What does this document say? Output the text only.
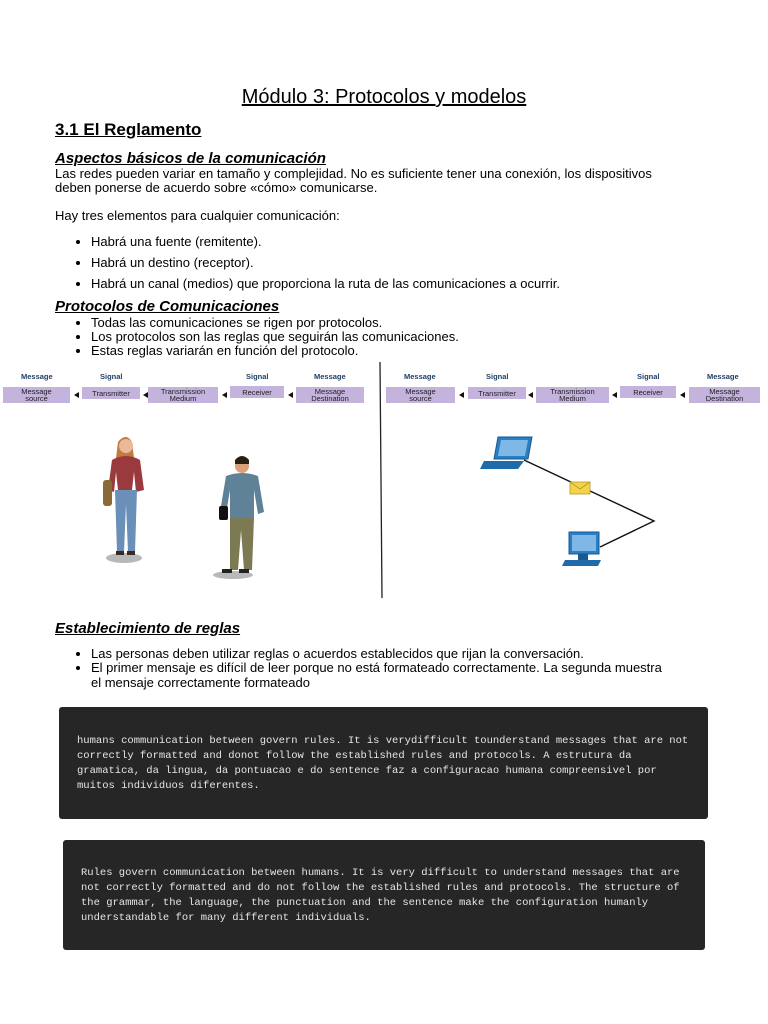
Módulo 3: Protocolos y modelos
3.1 El Reglamento
Aspectos básicos de la comunicación
Las redes pueden variar en tamaño y complejidad. No es suficiente tener una conexión, los dispositivos
deben ponerse de acuerdo sobre «cómo» comunicarse.
Hay tres elementos para cualquier comunicación:
• Habrá una fuente (remitente).
• Habrá un destino (receptor).
• Habrá un canal (medios) que proporciona la ruta de las comunicaciones a ocurrir.
Protocolos de Comunicaciones
• Todas las comunicaciones se rigen por protocolos.
• Los protocolos son las reglas que seguirán las comunicaciones.
• Estas reglas variarán en función del protocolo.
Message	Signal	Signal	Message
Message
source
Transmitter	Transmission
Medium
Receiver	Message
Destination
Message	Signal	Signal	Message
Message
source
Transmitter	Transmission
Medium
Receiver	Message
Destination
Establecimiento de reglas
• Las personas deben utilizar reglas o acuerdos establecidos que rijan la conversación.
• El primer mensaje es difícil de leer porque no está formateado correctamente. La segunda muestra
el mensaje correctamente formateado
humans communication between govern rules. It is verydifficult tounderstand messages that are not
correctly formatted and donot follow the established rules and protocols. A estrutura da
gramatica, da lingua, da pontuacao e do sentence faz a configuracao humana compreensivel por
muitos individuos diferentes.
Rules govern communication between humans. It is very difficult to understand messages that are
not correctly formatted and do not follow the established rules and protocols. The structure of
the grammar, the language, the punctuation and the sentence make the configuration humanly
understandable for many different individuals.
